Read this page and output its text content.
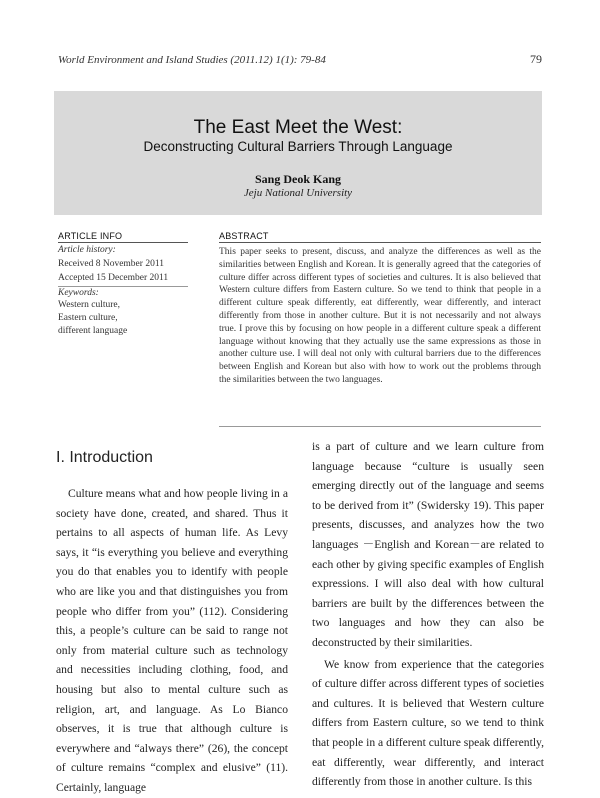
World Environment and Island Studies (2011.12) 1(1): 79-84	79
The East Meet the West:
Deconstructing Cultural Barriers Through Language
Sang Deok Kang
Jeju National University
ARTICLE INFO
Article history:
Received 8 November 2011
Accepted 15 December 2011
Keywords:
Western culture,
Eastern culture,
different language
ABSTRACT
This paper seeks to present, discuss, and analyze the differences as well as the similarities between English and Korean. It is generally agreed that the categories of culture differ across different types of societies and cultures. It is also believed that Western culture differs from Eastern culture. So we tend to think that people in a different culture speak differently, eat differently, wear differently, and interact differently from those in another culture. But it is not necessarily and not always true. I prove this by focusing on how people in a different culture speak a different language without knowing that they actually use the same expressions as those in another culture use. I will deal not only with cultural barriers due to the differences between English and Korean but also with how to work out the problems through the similarities between the two languages.
I. Introduction

Culture means what and how people living in a society have done, created, and shared. Thus it pertains to all aspects of human life. As Levy says, it “is everything you believe and everything you do that enables you to identify with people who are like you and that distinguishes you from people who differ from you” (112). Considering this, a people’s culture can be said to range not only from material culture such as technology and necessities including clothing, food, and housing but also to mental culture such as religion, art, and language. As Lo Bianco observes, it is true that although culture is everywhere and “always there” (26), the concept of culture remains “complex and elusive” (11). Certainly, language

is a part of culture and we learn culture from language because “culture is usually seen emerging directly out of the language and seems to be derived from it” (Swidersky 19). This paper presents, discusses, and analyzes how the two languages －English and Korean－are related to each other by giving specific examples of English expressions. I will also deal with how cultural barriers are built by the differences between the two languages and how they can also be deconstructed by their similarities.

We know from experience that the categories of culture differ across different types of societies and cultures. It is believed that Western culture differs from Eastern culture, so we tend to think that people in a different culture speak differently, eat differently, wear differently, and interact differently from those in another culture. Is this
